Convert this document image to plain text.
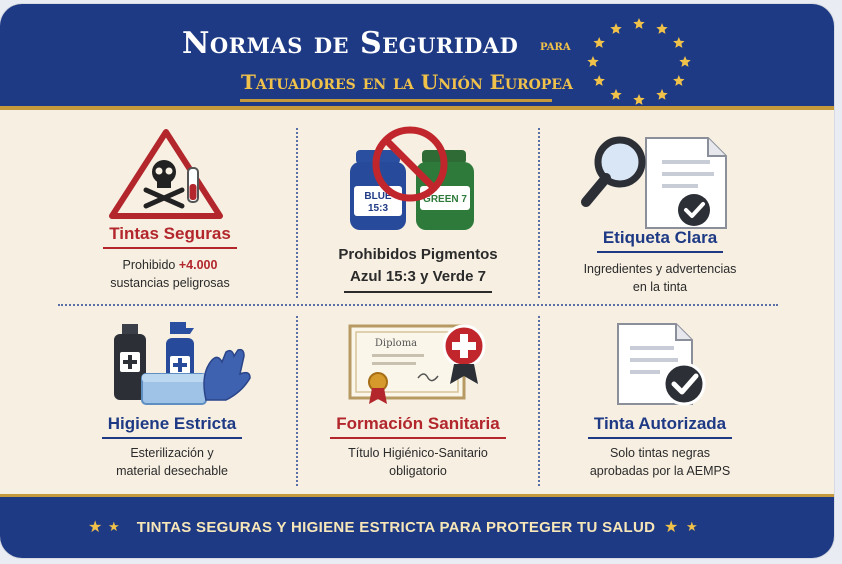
Normas de Seguridad para
Tatuadores en la Unión Europea
Tintas Seguras
Prohibido +4.000
sustancias peligrosas
BLUE
15:3
GREEN 7
Prohibidos Pigmentos
Azul 15:3 y Verde 7
Etiqueta Clara
Ingredientes y advertencias
en la tinta
Higiene Estricta
Esterilización y
material desechable
Diploma
Formación Sanitaria
Título Higiénico-Sanitario
obligatorio
Tinta Autorizada
Solo tintas negras
aprobadas por la AEMPS
★ ★ TINTAS SEGURAS Y HIGIENE ESTRICTA PARA PROTEGER TU SALUD ★ ★
